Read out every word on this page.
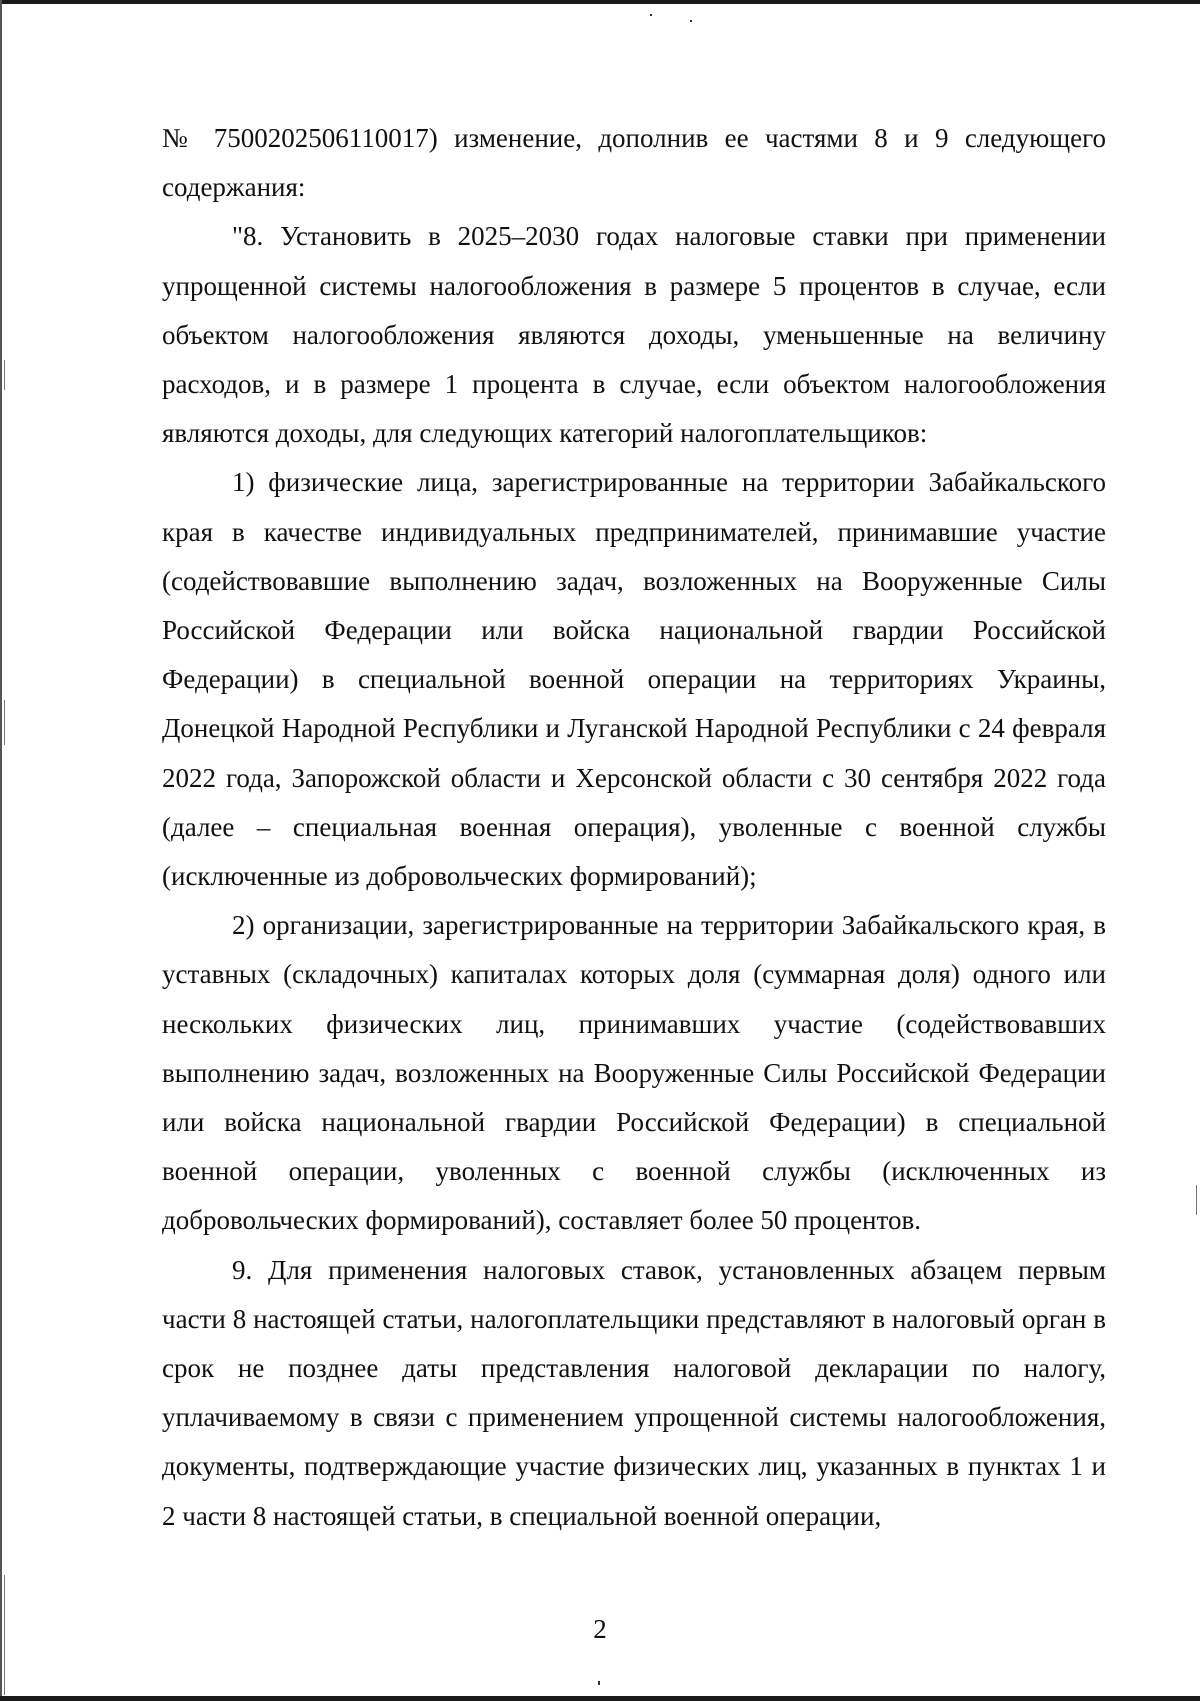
№ 7500202506110017) изменение, дополнив ее частями 8 и 9 следующего содержания:

"8. Установить в 2025–2030 годах налоговые ставки при применении упрощенной системы налогообложения в размере 5 процентов в случае, если объектом налогообложения являются доходы, уменьшенные на величину расходов, и в размере 1 процента в случае, если объектом налогообложения являются доходы, для следующих категорий налогоплательщиков:

1) физические лица, зарегистрированные на территории Забайкальского края в качестве индивидуальных предпринимателей, принимавшие участие (содействовавшие выполнению задач, возложенных на Вооруженные Силы Российской Федерации или войска национальной гвардии Российской Федерации) в специальной военной операции на территориях Украины, Донецкой Народной Республики и Луганской Народной Республики с 24 февраля 2022 года, Запорожской области и Херсонской области с 30 сентября 2022 года (далее – специальная военная операция), уволенные с военной службы (исключенные из добровольческих формирований);

2) организации, зарегистрированные на территории Забайкальского края, в уставных (складочных) капиталах которых доля (суммарная доля) одного или нескольких физических лиц, принимавших участие (содействовавших выполнению задач, возложенных на Вооруженные Силы Российской Федерации или войска национальной гвардии Российской Федерации) в специальной военной операции, уволенных с военной службы (исключенных из добровольческих формирований), составляет более 50 процентов.

9. Для применения налоговых ставок, установленных абзацем первым части 8 настоящей статьи, налогоплательщики представляют в налоговый орган в срок не позднее даты представления налоговой декларации по налогу, уплачиваемому в связи с применением упрощенной системы налогообложения, документы, подтверждающие участие физических лиц, указанных в пунктах 1 и 2 части 8 настоящей статьи, в специальной военной операции,

2
